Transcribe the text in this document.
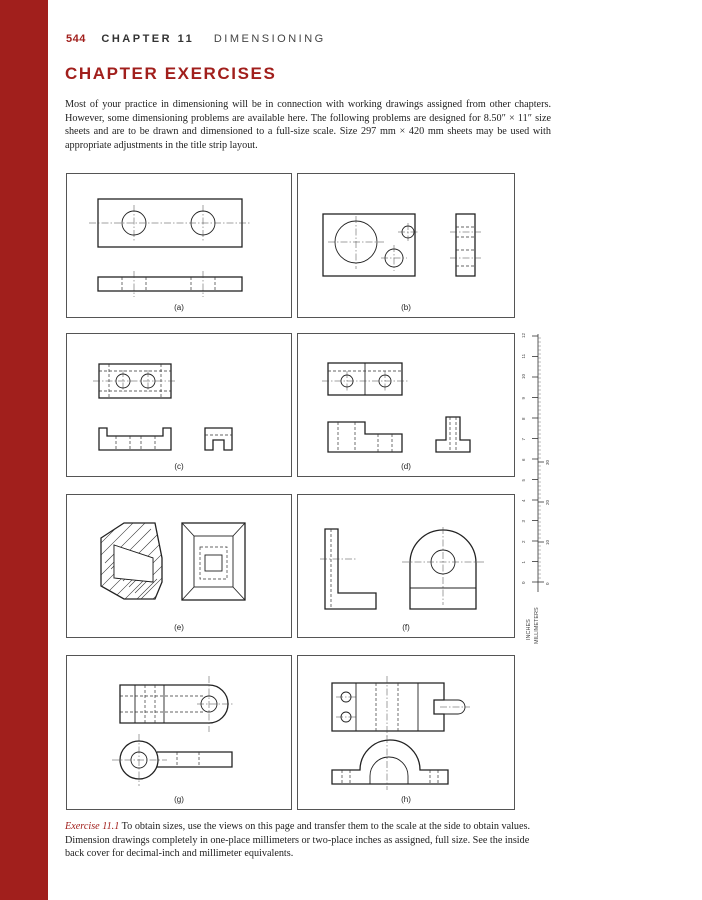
544 CHAPTER 11 DIMENSIONING
CHAPTER EXERCISES

Most of your practice in dimensioning will be in connection with working drawings assigned from other chapters. However, some dimensioning problems are available here. The following problems are designed for 8.50″ × 11″ size sheets and are to be drawn and dimensioned to a full-size scale. Size 297 mm × 420 mm sheets may be used with appropriate adjustments in the title strip layout.

(a)	(b)
(c)	(d)
(e)	(f)
(g)	(h)
0
1
2
3
4
5
6
7
8
9
10
11
12
0
10
20
30
INCHES MILLIMETERS

Exercise 11.1 To obtain sizes, use the views on this page and transfer them to the scale at the side to obtain values. Dimension drawings completely in one-place millimeters or two-place inches as assigned, full size. See the inside back cover for decimal-inch and millimeter equivalents.
